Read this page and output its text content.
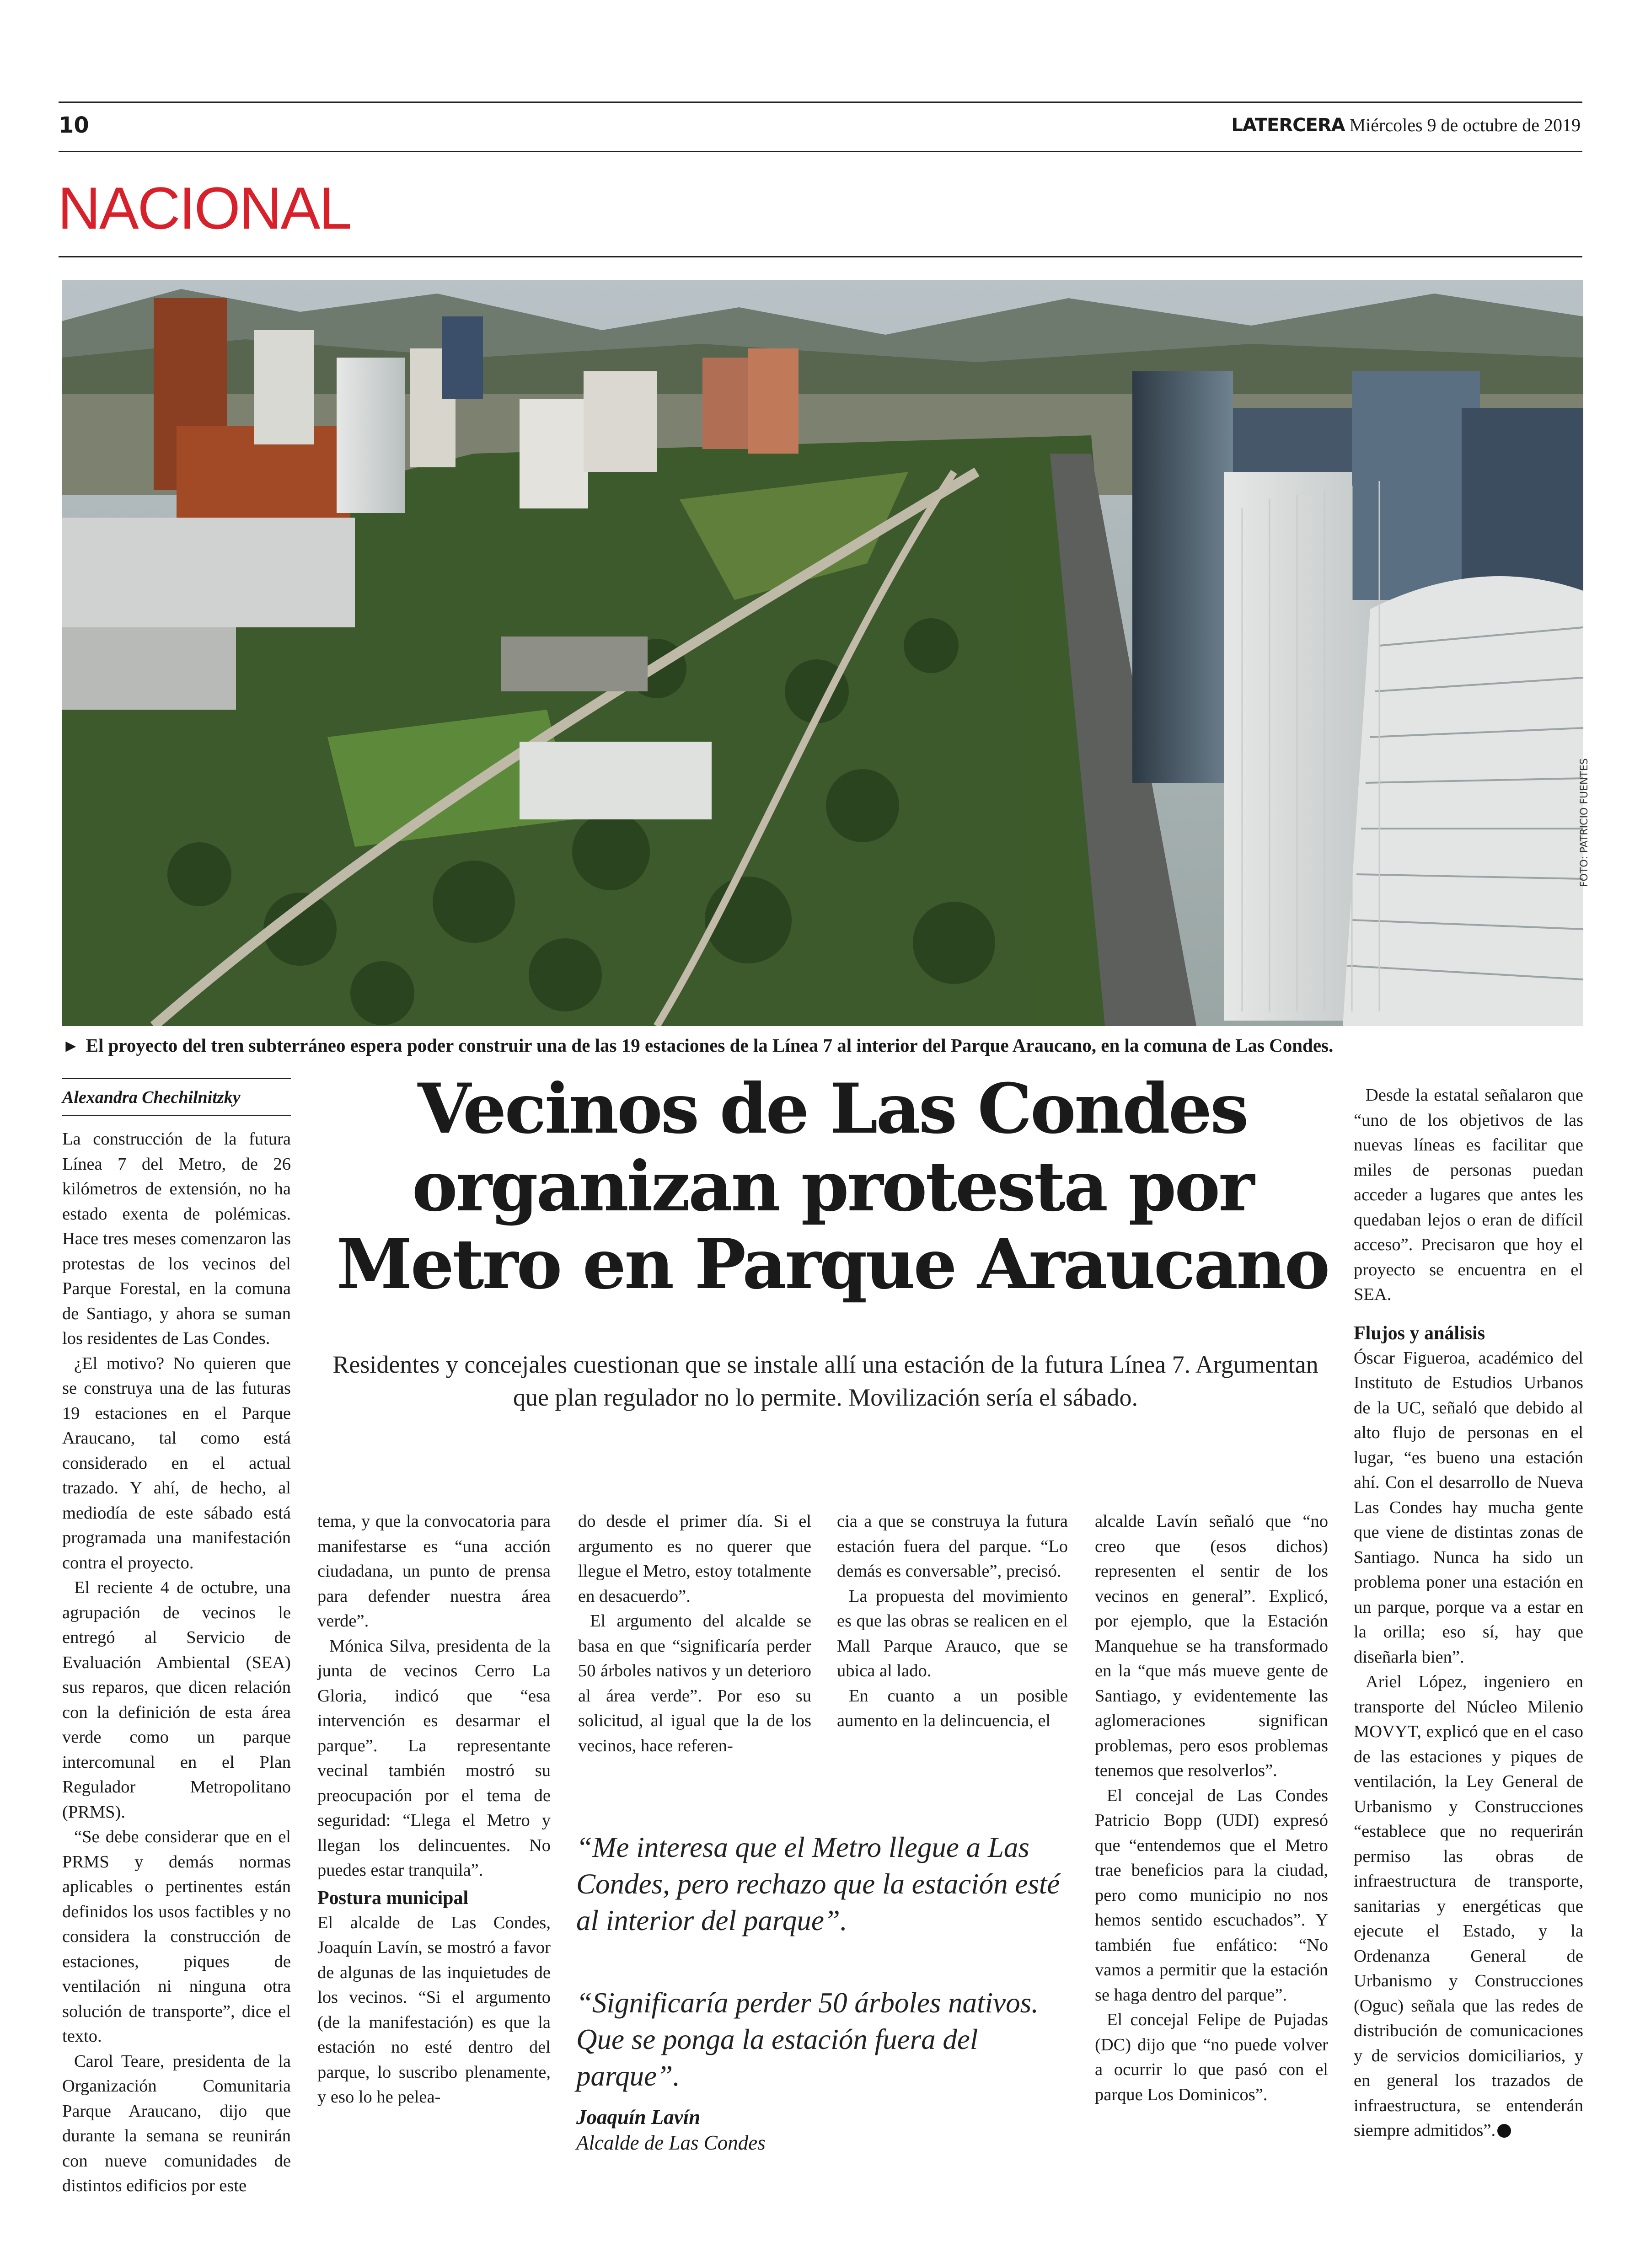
10	LATERCERA Miércoles 9 de octubre de 2019
NACIONAL
FOTO: PATRICIO FUENTES
► El proyecto del tren subterráneo espera poder construir una de las 19 estaciones de la Línea 7 al interior del Parque Araucano, en la comuna de Las Condes.
Alexandra Chechilnitzky	Vecinos de Las Condes
organizan protesta por
Metro en Parque Araucano
Residentes y concejales cuestionan que se instale allí una estación de la futura Línea 7. Argumentan que plan regulador no lo permite. Movilización sería el sábado.

La construcción de la futura Línea 7 del Metro, de 26 kilómetros de extensión, no ha estado exenta de polémicas. Hace tres meses comenzaron las protestas de los vecinos del Parque Forestal, en la comuna de Santiago, y ahora se suman los residentes de Las Condes.

¿El motivo? No quieren que se construya una de las futuras 19 estaciones en el Parque Araucano, tal como está considerado en el actual trazado. Y ahí, de hecho, al mediodía de este sábado está programada una manifestación contra el proyecto.

El reciente 4 de octubre, una agrupación de vecinos le entregó al Servicio de Evaluación Ambiental (SEA) sus reparos, que dicen relación con la definición de esta área verde como un parque intercomunal en el Plan Regulador Metropolitano (PRMS).

“Se debe considerar que en el PRMS y demás normas aplicables o pertinentes están definidos los usos factibles y no considera la construcción de estaciones, piques de ventilación ni ninguna otra solución de transporte”, dice el texto.

Carol Teare, presidenta de la Organización Comunitaria Parque Araucano, dijo que durante la semana se reunirán con nueve comunidades de distintos edificios por este

tema, y que la convocatoria para manifestarse es “una acción ciudadana, un punto de prensa para defender nuestra área verde”.

Mónica Silva, presidenta de la junta de vecinos Cerro La Gloria, indicó que “esa intervención es desarmar el parque”. La representante vecinal también mostró su preocupación por el tema de seguridad: “Llega el Metro y llegan los delincuentes. No puedes estar tranquila”.

Postura municipal

El alcalde de Las Condes, Joaquín Lavín, se mostró a favor de algunas de las inquietudes de los vecinos. “Si el argumento (de la manifestación) es que la estación no esté dentro del parque, lo suscribo plenamente, y eso lo he pelea-

do desde el primer día. Si el argumento es no querer que llegue el Metro, estoy totalmente en desacuerdo”.

El argumento del alcalde se basa en que “significaría perder 50 árboles nativos y un deterioro al área verde”. Por eso su solicitud, al igual que la de los vecinos, hace referen-

cia a que se construya la futura estación fuera del parque. “Lo demás es conversable”, precisó.

La propuesta del movimiento es que las obras se realicen en el Mall Parque Arauco, que se ubica al lado.

En cuanto a un posible aumento en la delincuencia, el

“Me interesa que el Metro llegue a Las Condes, pero rechazo que la estación esté al interior del parque”.
“Significaría perder 50 árboles nativos. Que se ponga la estación fuera del parque”.
Joaquín Lavín
Alcalde de Las Condes

alcalde Lavín señaló que “no creo que (esos dichos) representen el sentir de los vecinos en general”. Explicó, por ejemplo, que la Estación Manquehue se ha transformado en la “que más mueve gente de Santiago, y evidentemente las aglomeraciones significan problemas, pero esos problemas tenemos que resolverlos”.

El concejal de Las Condes Patricio Bopp (UDI) expresó que “entendemos que el Metro trae beneficios para la ciudad, pero como municipio no nos hemos sentido escuchados”. Y también fue enfático: “No vamos a permitir que la estación se haga dentro del parque”.

El concejal Felipe de Pujadas (DC) dijo que “no puede volver a ocurrir lo que pasó con el parque Los Dominicos”.

Desde la estatal señalaron que “uno de los objetivos de las nuevas líneas es facilitar que miles de personas puedan acceder a lugares que antes les quedaban lejos o eran de difícil acceso”. Precisaron que hoy el proyecto se encuentra en el SEA.

Flujos y análisis

Óscar Figueroa, académico del Instituto de Estudios Urbanos de la UC, señaló que debido al alto flujo de personas en el lugar, “es bueno una estación ahí. Con el desarrollo de Nueva Las Condes hay mucha gente que viene de distintas zonas de Santiago. Nunca ha sido un problema poner una estación en un parque, porque va a estar en la orilla; eso sí, hay que diseñarla bien”.

Ariel López, ingeniero en transporte del Núcleo Milenio MOVYT, explicó que en el caso de las estaciones y piques de ventilación, la Ley General de Urbanismo y Construcciones “establece que no requerirán permiso las obras de infraestructura de transporte, sanitarias y energéticas que ejecute el Estado, y la Ordenanza General de Urbanismo y Construcciones (Oguc) señala que las redes de distribución de comunicaciones y de servicios domiciliarios, y en general los trazados de infraestructura, se entenderán siempre admitidos”.
